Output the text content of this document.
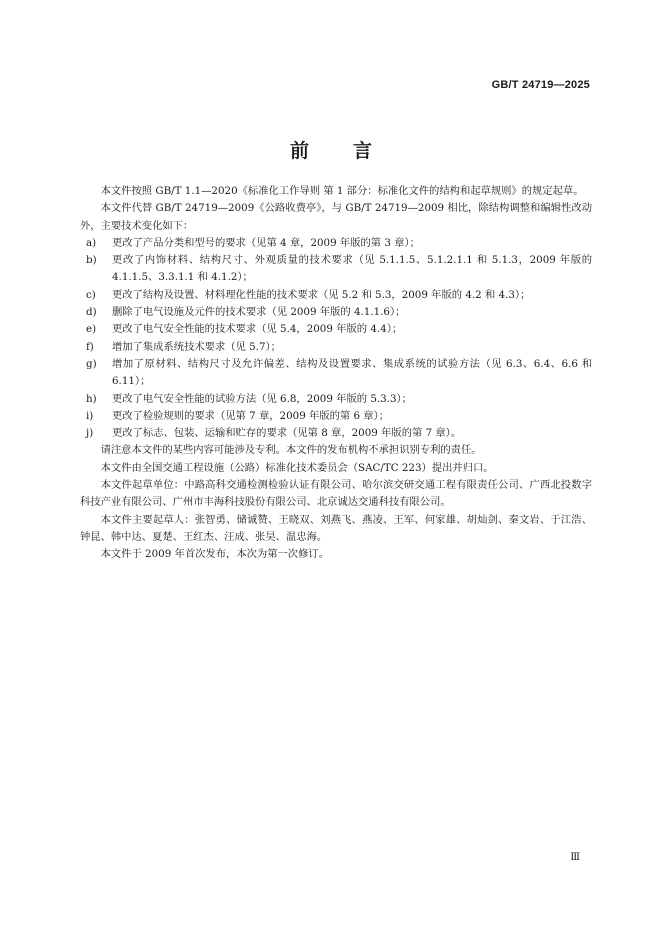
GB/T 24719—2025
前 言

本文件按照 GB/T 1.1—2020《标准化工作导则 第 1 部分：标准化文件的结构和起草规则》的规定起草。

本文件代替 GB/T 24719—2009《公路收费亭》，与 GB/T 24719—2009 相比，除结构调整和编辑性改动外，主要技术变化如下：

a)	更改了产品分类和型号的要求（见第 4 章，2009 年版的第 3 章）；
b)	更改了内饰材料、结构尺寸、外观质量的技术要求（见 5.1.1.5、5.1.2.1.1 和 5.1.3，2009 年版的 4.1.1.5、3.3.1.1 和 4.1.2）；
c)	更改了结构及设置、材料理化性能的技术要求（见 5.2 和 5.3，2009 年版的 4.2 和 4.3）；
d)	删除了电气设施及元件的技术要求（见 2009 年版的 4.1.1.6）；
e)	更改了电气安全性能的技术要求（见 5.4，2009 年版的 4.4）；
f)	增加了集成系统技术要求（见 5.7）；
g)	增加了原材料、结构尺寸及允许偏差、结构及设置要求、集成系统的试验方法（见 6.3、6.4、6.6 和 6.11）；
h)	更改了电气安全性能的试验方法（见 6.8，2009 年版的 5.3.3）；
i)	更改了检验规则的要求（见第 7 章，2009 年版的第 6 章）；
j)	更改了标志、包装、运输和贮存的要求（见第 8 章，2009 年版的第 7 章）。

请注意本文件的某些内容可能涉及专利。本文件的发布机构不承担识别专利的责任。

本文件由全国交通工程设施（公路）标准化技术委员会（SAC/TC 223）提出并归口。

本文件起草单位：中路高科交通检测检验认证有限公司、哈尔滨交研交通工程有限责任公司、广西北投数字科技产业有限公司、广州市丰海科技股份有限公司、北京诚达交通科技有限公司。

本文件主要起草人：张智勇、储诚赞、王晓双、刘燕飞、燕凌、王军、何家雄、胡灿剑、秦文岩、于江浩、钟昆、韩中达、夏楚、王红杰、汪成、张昊、温忠海。

本文件于 2009 年首次发布，本次为第一次修订。

Ⅲ
